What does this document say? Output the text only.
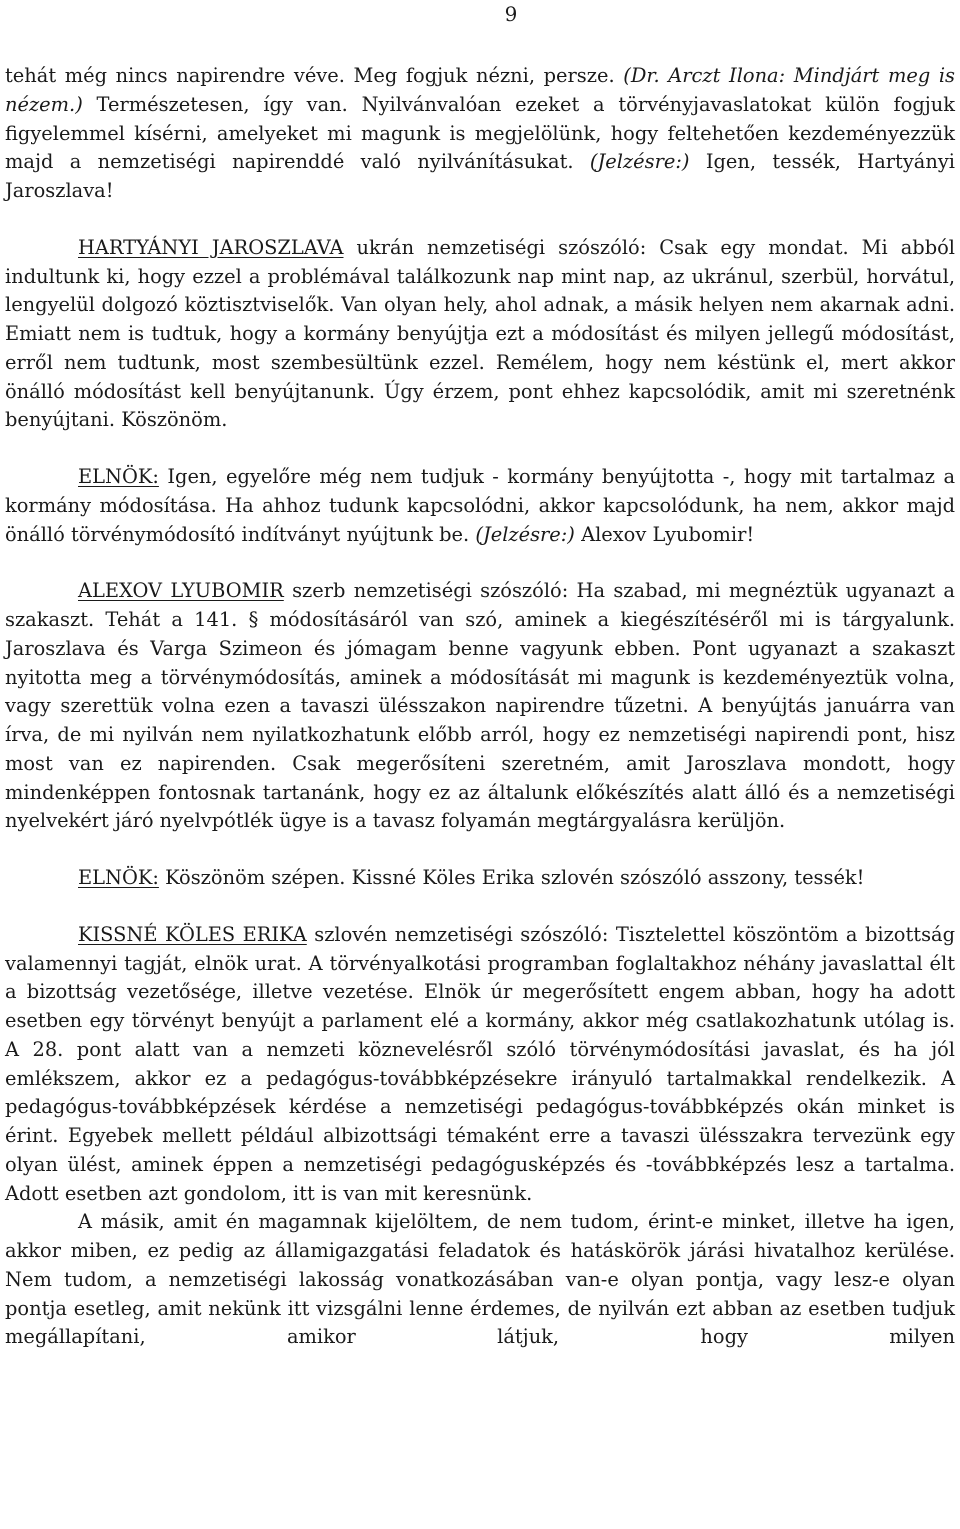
9

tehát még nincs napirendre véve. Meg fogjuk nézni, persze. (Dr. Arczt Ilona: Mindjárt meg is nézem.) Természetesen, így van. Nyilvánvalóan ezeket a törvényjavaslatokat külön fogjuk figyelemmel kísérni, amelyeket mi magunk is megjelölünk, hogy feltehetően kezdeményezzük majd a nemzetiségi napirenddé való nyilvánításukat. (Jelzésre:) Igen, tessék, Hartyányi Jaroszlava!

HARTYÁNYI JAROSZLAVA ukrán nemzetiségi szószóló: Csak egy mondat. Mi abból indultunk ki, hogy ezzel a problémával találkozunk nap mint nap, az ukránul, szerbül, horvátul, lengyelül dolgozó köztisztviselők. Van olyan hely, ahol adnak, a másik helyen nem akarnak adni. Emiatt nem is tudtuk, hogy a kormány benyújtja ezt a módosítást és milyen jellegű módosítást, erről nem tudtunk, most szembesültünk ezzel. Remélem, hogy nem késtünk el, mert akkor önálló módosítást kell benyújtanunk. Úgy érzem, pont ehhez kapcsolódik, amit mi szeretnénk benyújtani. Köszönöm.

ELNÖK: Igen, egyelőre még nem tudjuk - kormány benyújtotta -, hogy mit tartalmaz a kormány módosítása. Ha ahhoz tudunk kapcsolódni, akkor kapcsolódunk, ha nem, akkor majd önálló törvénymódosító indítványt nyújtunk be. (Jelzésre:) Alexov Lyubomir!

ALEXOV LYUBOMIR szerb nemzetiségi szószóló: Ha szabad, mi megnéztük ugyanazt a szakaszt. Tehát a 141. § módosításáról van szó, aminek a kiegészítéséről mi is tárgyalunk. Jaroszlava és Varga Szimeon és jómagam benne vagyunk ebben. Pont ugyanazt a szakaszt nyitotta meg a törvénymódosítás, aminek a módosítását mi magunk is kezdeményeztük volna, vagy szerettük volna ezen a tavaszi ülésszakon napirendre tűzetni. A benyújtás januárra van írva, de mi nyilván nem nyilatkozhatunk előbb arról, hogy ez nemzetiségi napirendi pont, hisz most van ez napirenden. Csak megerősíteni szeretném, amit Jaroszlava mondott, hogy mindenképpen fontosnak tartanánk, hogy ez az általunk előkészítés alatt álló és a nemzetiségi nyelvekért járó nyelvpótlék ügye is a tavasz folyamán megtárgyalásra kerüljön.

ELNÖK: Köszönöm szépen. Kissné Köles Erika szlovén szószóló asszony, tessék!

KISSNÉ KÖLES ERIKA szlovén nemzetiségi szószóló: Tisztelettel köszöntöm a bizottság valamennyi tagját, elnök urat. A törvényalkotási programban foglaltakhoz néhány javaslattal élt a bizottság vezetősége, illetve vezetése. Elnök úr megerősített engem abban, hogy ha adott esetben egy törvényt benyújt a parlament elé a kormány, akkor még csatlakozhatunk utólag is. A 28. pont alatt van a nemzeti köznevelésről szóló törvénymódosítási javaslat, és ha jól emlékszem, akkor ez a pedagógus-továbbképzésekre irányuló tartalmakkal rendelkezik. A pedagógus-továbbképzések kérdése a nemzetiségi pedagógus-továbbképzés okán minket is érint. Egyebek mellett például albizottsági témaként erre a tavaszi ülésszakra tervezünk egy olyan ülést, aminek éppen a nemzetiségi pedagógusképzés és -továbbképzés lesz a tartalma. Adott esetben azt gondolom, itt is van mit keresnünk.

A másik, amit én magamnak kijelöltem, de nem tudom, érint-e minket, illetve ha igen, akkor miben, ez pedig az államigazgatási feladatok és hatáskörök járási hivatalhoz kerülése. Nem tudom, a nemzetiségi lakosság vonatkozásában van-e olyan pontja, vagy lesz-e olyan pontja esetleg, amit nekünk itt vizsgálni lenne érdemes, de nyilván ezt abban az esetben tudjuk megállapítani, amikor látjuk, hogy milyen
